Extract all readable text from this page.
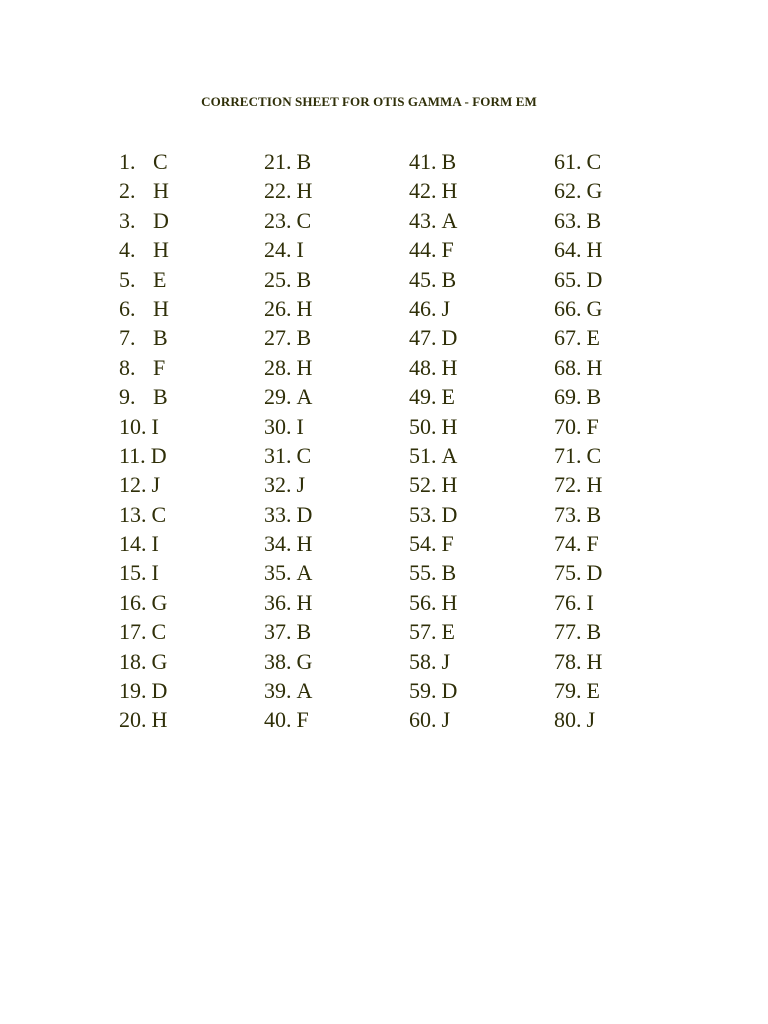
CORRECTION SHEET FOR OTIS GAMMA - FORM EM
1. C
2. H
3. D
4. H
5. E
6. H
7. B
8. F
9. B
10. I
11. D
12. J
13. C
14. I
15. I
16. G
17. C
18. G
19. D
20. H
21. B
22. H
23. C
24. I
25. B
26. H
27. B
28. H
29. A
30. I
31. C
32. J
33. D
34. H
35. A
36. H
37. B
38. G
39. A
40. F
41. B
42. H
43. A
44. F
45. B
46. J
47. D
48. H
49. E
50. H
51. A
52. H
53. D
54. F
55. B
56. H
57. E
58. J
59. D
60. J
61. C
62. G
63. B
64. H
65. D
66. G
67. E
68. H
69. B
70. F
71. C
72. H
73. B
74. F
75. D
76. I
77. B
78. H
79. E
80. J
